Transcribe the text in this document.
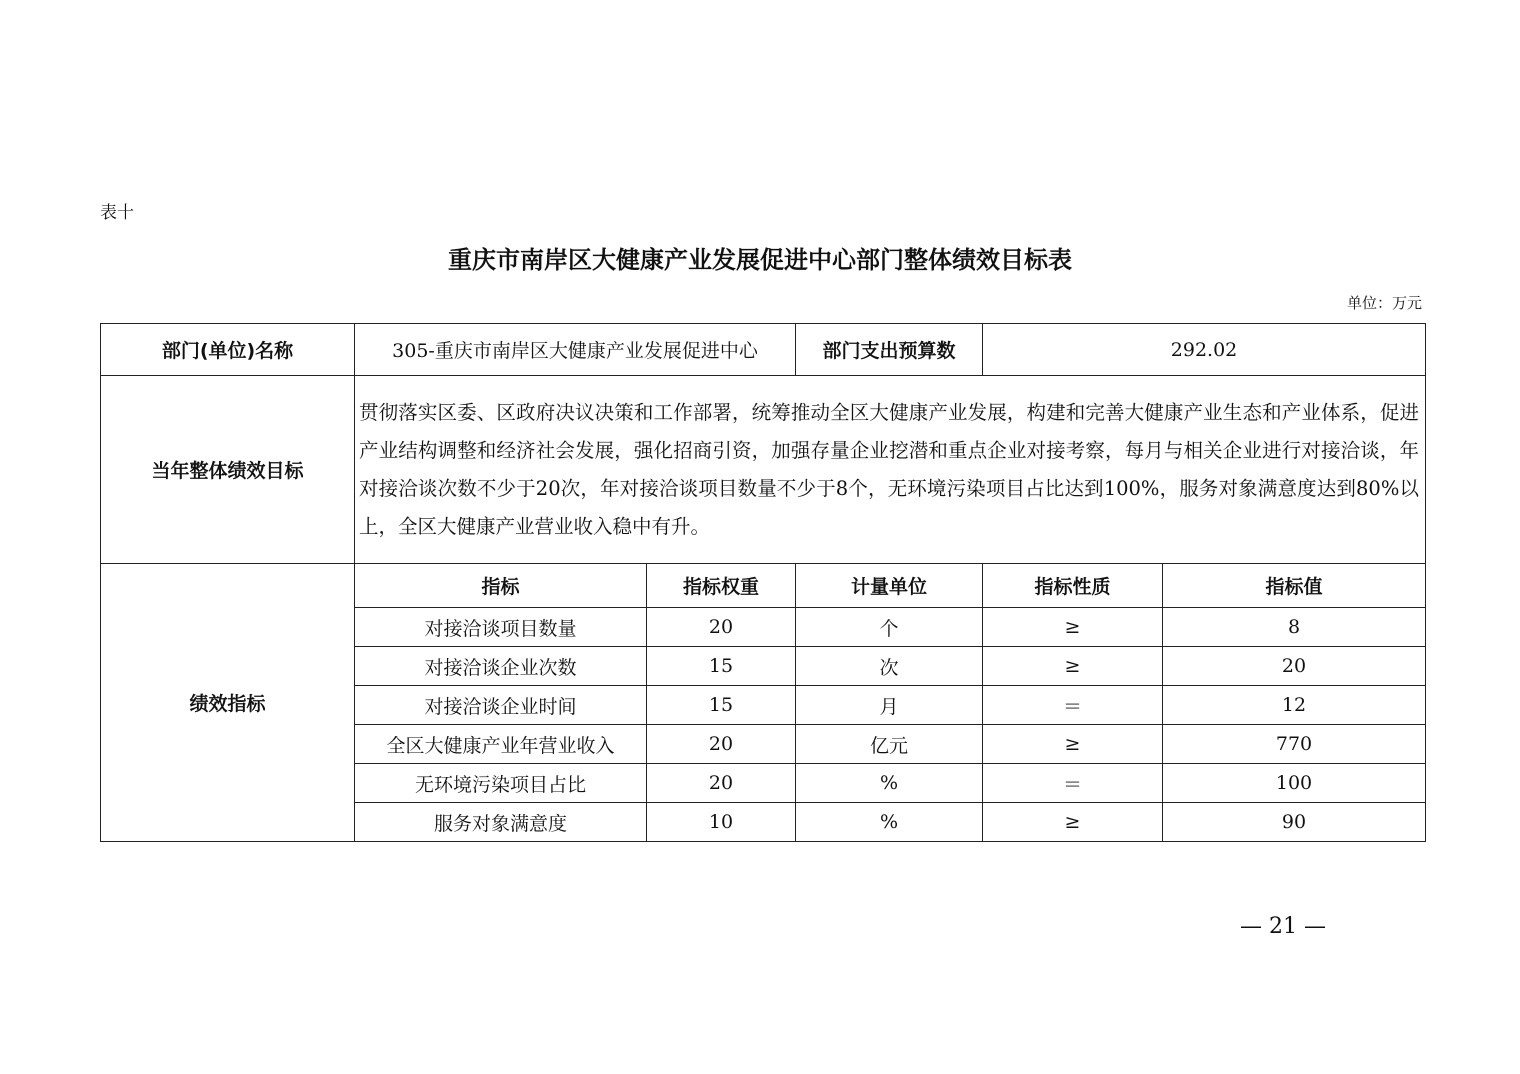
表十
重庆市南岸区大健康产业发展促进中心部门整体绩效目标表
单位：万元
部门(单位)名称	305-重庆市南岸区大健康产业发展促进中心		部门支出预算数	292.02	
当年整体绩效目标	贯彻落实区委、区政府决议决策和工作部署，统筹推动全区大健康产业发展，构建和完善大健康产业生态和产业体系，促进产业结构调整和经济社会发展，强化招商引资，加强存量企业挖潜和重点企业对接考察，每月与相关企业进行对接洽谈，年对接洽谈次数不少于20次，年对接洽谈项目数量不少于8个，无环境污染项目占比达到100%，服务对象满意度达到80%以上，全区大健康产业营业收入稳中有升。				
绩效指标	指标	指标权重	计量单位	指标性质	指标值
	对接洽谈项目数量	20	个	≥	8
	对接洽谈企业次数	15	次	≥	20
	对接洽谈企业时间	15	月	＝	12
	全区大健康产业年营业收入	20	亿元	≥	770
	无环境污染项目占比	20	%	＝	100
	服务对象满意度	10	%	≥	90
— 21 —
